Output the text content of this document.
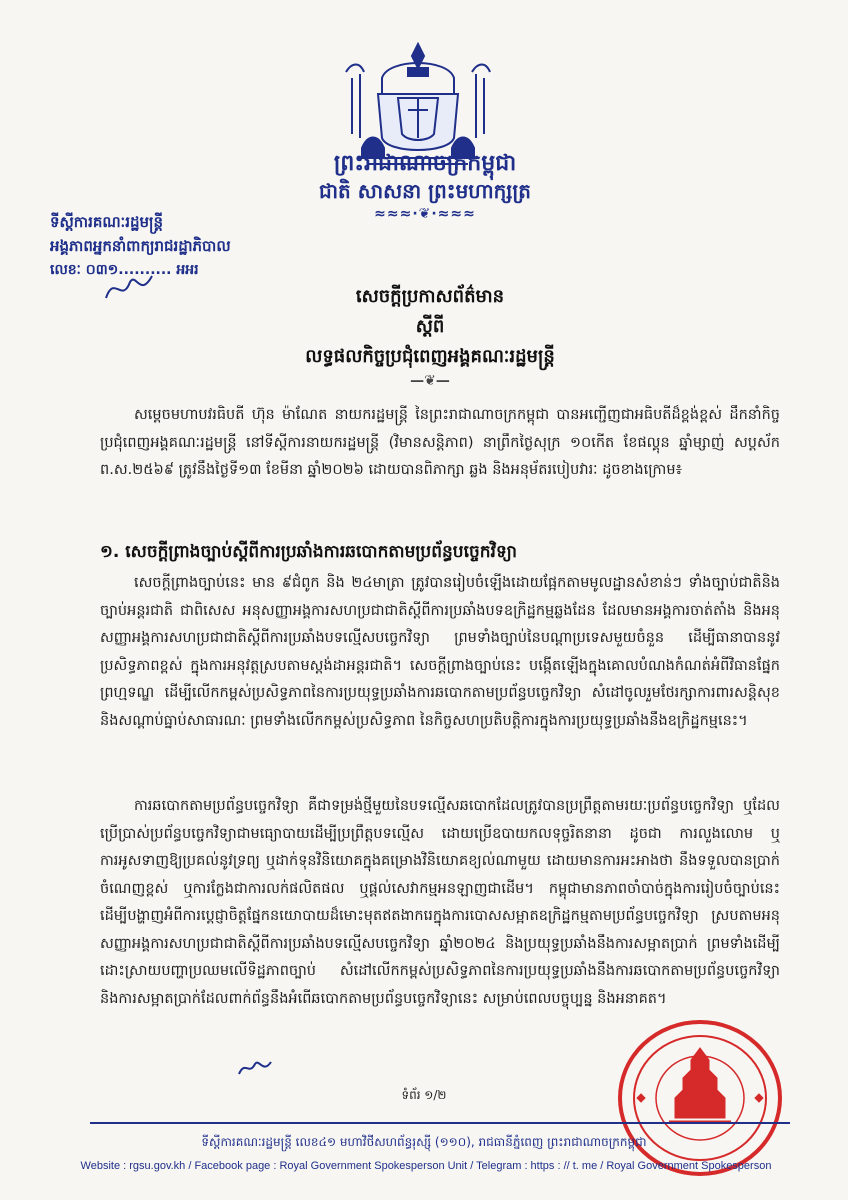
ព្រះរាជាណាចក្រកម្ពុជា
ជាតិ សាសនា ព្រះមហាក្សត្រ
≈≈≈·❦·≈≈≈
ទីស្ដីការគណៈរដ្ឋមន្ត្រី
អង្គភាពអ្នកនាំពាក្យរាជរដ្ឋាភិបាល
លេខៈ ០៣១.......... អអរ
សេចក្ដីប្រកាសព័ត៌មាន
ស្ដីពី
លទ្ធផលកិច្ចប្រជុំពេញអង្គគណៈរដ្ឋមន្ត្រី
—❦—
សម្ដេចមហាបវរធិបតី ហ៊ុន ម៉ាណែត នាយករដ្ឋមន្ត្រី នៃព្រះរាជាណាចក្រកម្ពុជា បានអញ្ជើញជាអធិបតីដ៏ខ្ពង់ខ្ពស់ ដឹកនាំកិច្ចប្រជុំពេញអង្គគណៈរដ្ឋមន្ត្រី នៅទីស្ដីការនាយករដ្ឋមន្ត្រី (វិមានសន្តិភាព) នាព្រឹកថ្ងៃសុក្រ ១០កើត ខែផល្គុន ឆ្នាំម្សាញ់ សប្តស័ក ព.ស.២៥៦៩ ត្រូវនឹងថ្ងៃទី១៣ ខែមីនា ឆ្នាំ២០២៦ ដោយបានពិភាក្សា ឆ្លង និងអនុម័តរបៀបវារៈ ដូចខាងក្រោម៖
១. សេចក្ដីព្រាងច្បាប់ស្ដីពីការប្រឆាំងការឆបោកតាមប្រព័ន្ធបច្ចេកវិទ្យា
សេចក្ដីព្រាងច្បាប់នេះ មាន ៩ជំពូក និង ២៤មាត្រា ត្រូវបានរៀបចំឡើងដោយផ្អែកតាមមូលដ្ឋានសំខាន់ៗ ទាំងច្បាប់ជាតិនិងច្បាប់អន្តរជាតិ ជាពិសេស អនុសញ្ញាអង្គការសហប្រជាជាតិស្ដីពីការប្រឆាំងបទឧក្រិដ្ឋកម្មឆ្លងដែន ដែលមានអង្គការចាត់តាំង និងអនុសញ្ញាអង្គការសហប្រជាជាតិស្ដីពីការប្រឆាំងបទល្មើសបច្ចេកវិទ្យា ព្រមទាំងច្បាប់នៃបណ្ដាប្រទេសមួយចំនួន ដើម្បីធានាបាននូវប្រសិទ្ធភាពខ្ពស់ ក្នុងការអនុវត្តស្របតាមស្តង់ដាអន្តរជាតិ។ សេចក្ដីព្រាងច្បាប់នេះ បង្កើតឡើងក្នុងគោលបំណងកំណត់អំពីវិធានផ្នែកព្រហ្មទណ្ឌ ដើម្បីលើកកម្ពស់ប្រសិទ្ធភាពនៃការប្រយុទ្ធប្រឆាំងការឆបោកតាមប្រព័ន្ធបច្ចេកវិទ្យា សំដៅចូលរួមថែរក្សាការពារសន្តិសុខ និងសណ្ដាប់ធ្នាប់សាធារណៈ ព្រមទាំងលើកកម្ពស់ប្រសិទ្ធភាព នៃកិច្ចសហប្រតិបត្តិការក្នុងការប្រយុទ្ធប្រឆាំងនឹងឧក្រិដ្ឋកម្មនេះ។
ការឆបោកតាមប្រព័ន្ធបច្ចេកវិទ្យា គឺជាទម្រង់ថ្មីមួយនៃបទល្មើសឆបោកដែលត្រូវបានប្រព្រឹត្តតាមរយៈប្រព័ន្ធបច្ចេកវិទ្យា ឬដែលប្រើប្រាស់ប្រព័ន្ធបច្ចេកវិទ្យាជាមធ្យោបាយដើម្បីប្រព្រឹត្តបទល្មើស ដោយប្រើឧបាយកលទុច្ចរិតនានា ដូចជា ការលួងលោម ឬការអូសទាញឱ្យប្រគល់នូវទ្រព្យ ឬដាក់ទុនវិនិយោគក្នុងគម្រោងវិនិយោគខ្យល់ណាមួយ ដោយមានការអះអាងថា នឹងទទួលបានប្រាក់ចំណេញខ្ពស់ ឬការក្លែងជាការលក់ផលិតផល ឬផ្ដល់សេវាកម្មអនឡាញជាដើម។ កម្ពុជាមានភាពចាំបាច់ក្នុងការរៀបចំច្បាប់នេះ ដើម្បីបង្ហាញអំពីការប្ដេជ្ញាចិត្តផ្នែកនយោបាយដ៏មោះមុតឥតងាករេក្នុងការបោសសម្អាតឧក្រិដ្ឋកម្មតាមប្រព័ន្ធបច្ចេកវិទ្យា ស្របតាមអនុសញ្ញាអង្គការសហប្រជាជាតិស្ដីពីការប្រឆាំងបទល្មើសបច្ចេកវិទ្យា ឆ្នាំ២០២៤ និងប្រយុទ្ធប្រឆាំងនឹងការសម្អាតប្រាក់ ព្រមទាំងដើម្បីដោះស្រាយបញ្ហាប្រឈមលើទិដ្ឋភាពច្បាប់ សំដៅលើកកម្ពស់ប្រសិទ្ធភាពនៃការប្រយុទ្ធប្រឆាំងនឹងការឆបោកតាមប្រព័ន្ធបច្ចេកវិទ្យា និងការសម្អាតប្រាក់ដែលពាក់ព័ន្ធនឹងអំពើឆបោកតាមប្រព័ន្ធបច្ចេកវិទ្យានេះ សម្រាប់ពេលបច្ចុប្បន្ន និងអនាគត។
ទំព័រ ១/២
ទីស្ដីការគណៈរដ្ឋមន្ត្រី លេខ៤១ មហាវិថីសហព័ន្ធរុស្ស៊ី (១១០), រាជធានីភ្នំពេញ ព្រះរាជាណាចក្រកម្ពុជា
Website : rgsu.gov.kh / Facebook page : Royal Government Spokesperson Unit / Telegram : https : // t. me / Royal Government Spokesperson
